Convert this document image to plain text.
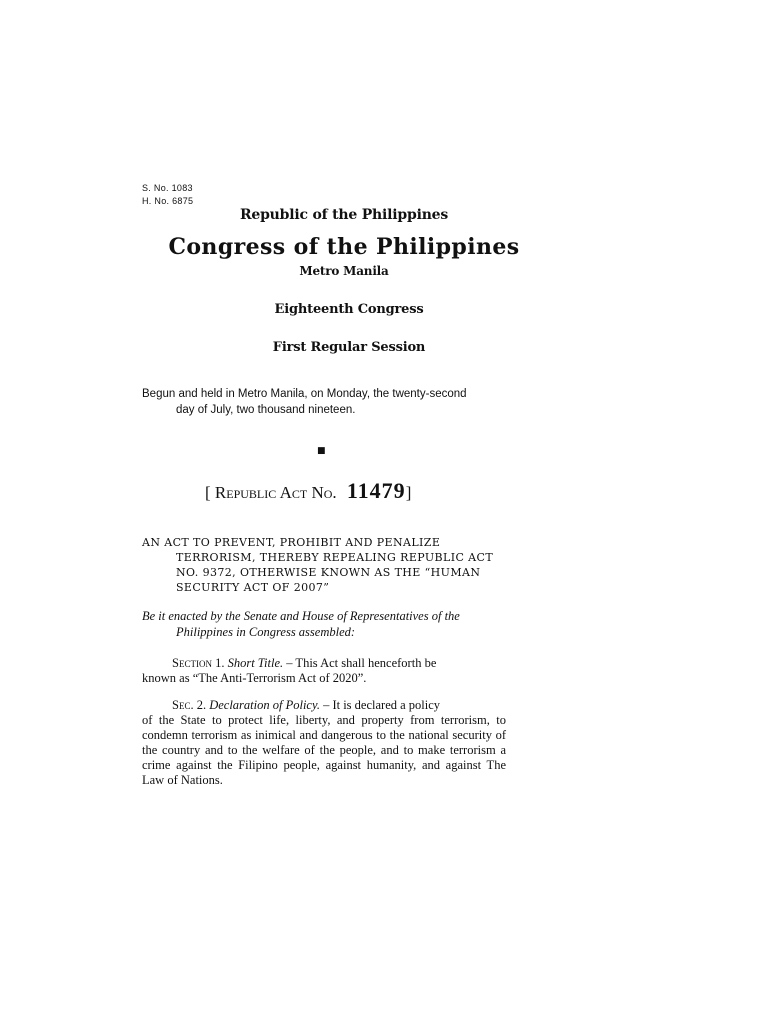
S. No. 1083
H. No. 6875
Republic of the Philippines
Congress of the Philippines
Metro Manila
Eighteenth Congress
First Regular Session
Begun and held in Metro Manila, on Monday, the twenty-second
day of July, two thousand nineteen.
■
[ Republic Act No. 11479]
AN ACT TO PREVENT, PROHIBIT AND PENALIZE
TERRORISM, THEREBY REPEALING REPUBLIC ACT
NO. 9372, OTHERWISE KNOWN AS THE “HUMAN
SECURITY ACT OF 2007”
Be it enacted by the Senate and House of Representatives of the
Philippines in Congress assembled:
Section 1. Short Title. – This Act shall henceforth be
known as “The Anti-Terrorism Act of 2020”.
Sec. 2. Declaration of Policy. – It is declared a policy
of the State to protect life, liberty, and property from terrorism, to condemn terrorism as inimical and dangerous to the national security of the country and to the welfare of the people, and to make terrorism a crime against the Filipino people, against humanity, and against The Law of Nations.
